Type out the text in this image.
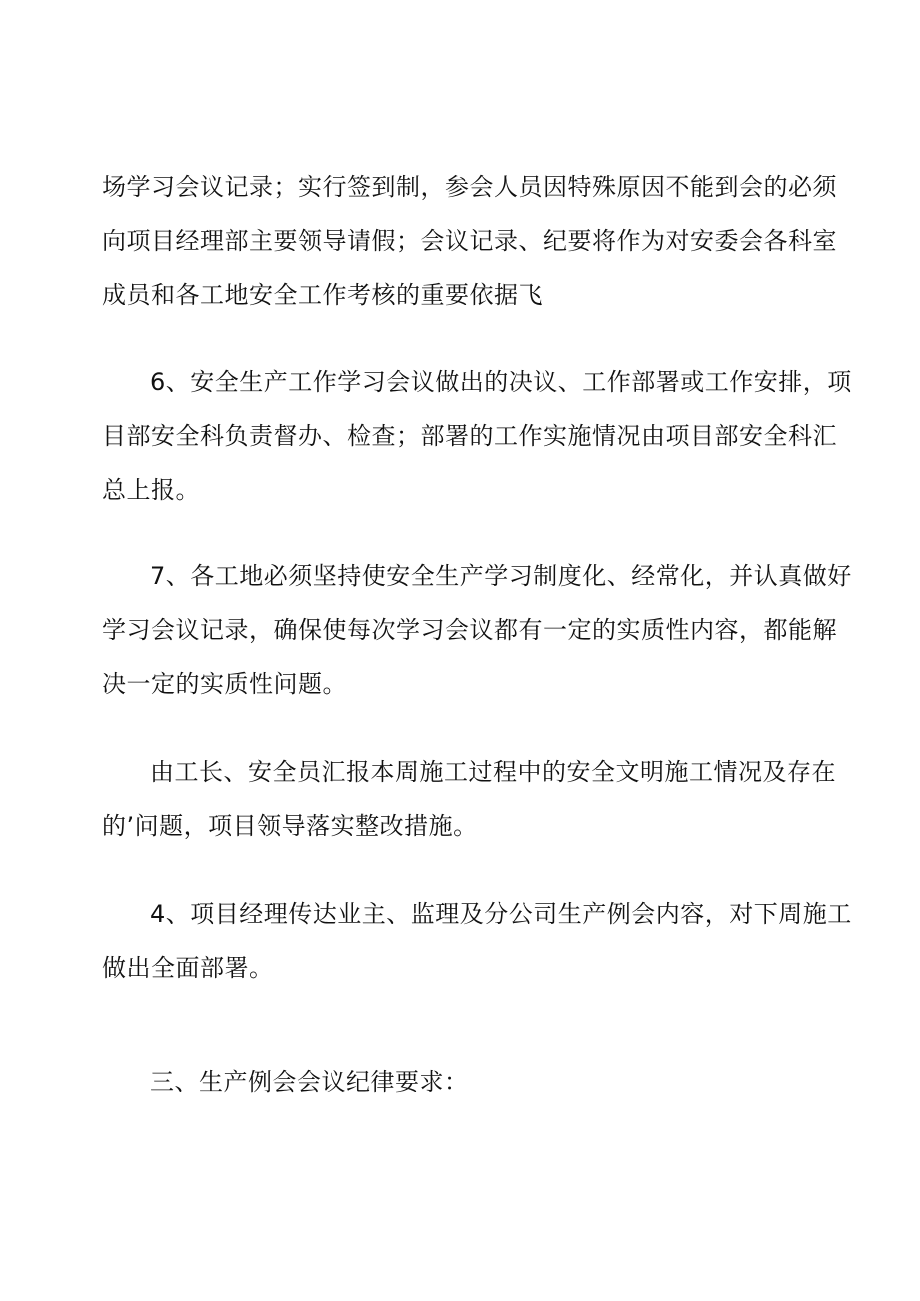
场学习会议记录；实行签到制，参会人员因特殊原因不能到会的必须
向项目经理部主要领导请假；会议记录、纪要将作为对安委会各科室
成员和各工地安全工作考核的重要依据飞

6、安全生产工作学习会议做出的决议、工作部署或工作安排，项
目部安全科负责督办、检查；部署的工作实施情况由项目部安全科汇
总上报。

7、各工地必须坚持使安全生产学习制度化、经常化，并认真做好
学习会议记录，确保使每次学习会议都有一定的实质性内容，都能解
决一定的实质性问题。

由工长、安全员汇报本周施工过程中的安全文明施工情况及存在
的’问题，项目领导落实整改措施。

4、项目经理传达业主、监理及分公司生产例会内容，对下周施工
做出全面部署。

三、生产例会会议纪律要求：
